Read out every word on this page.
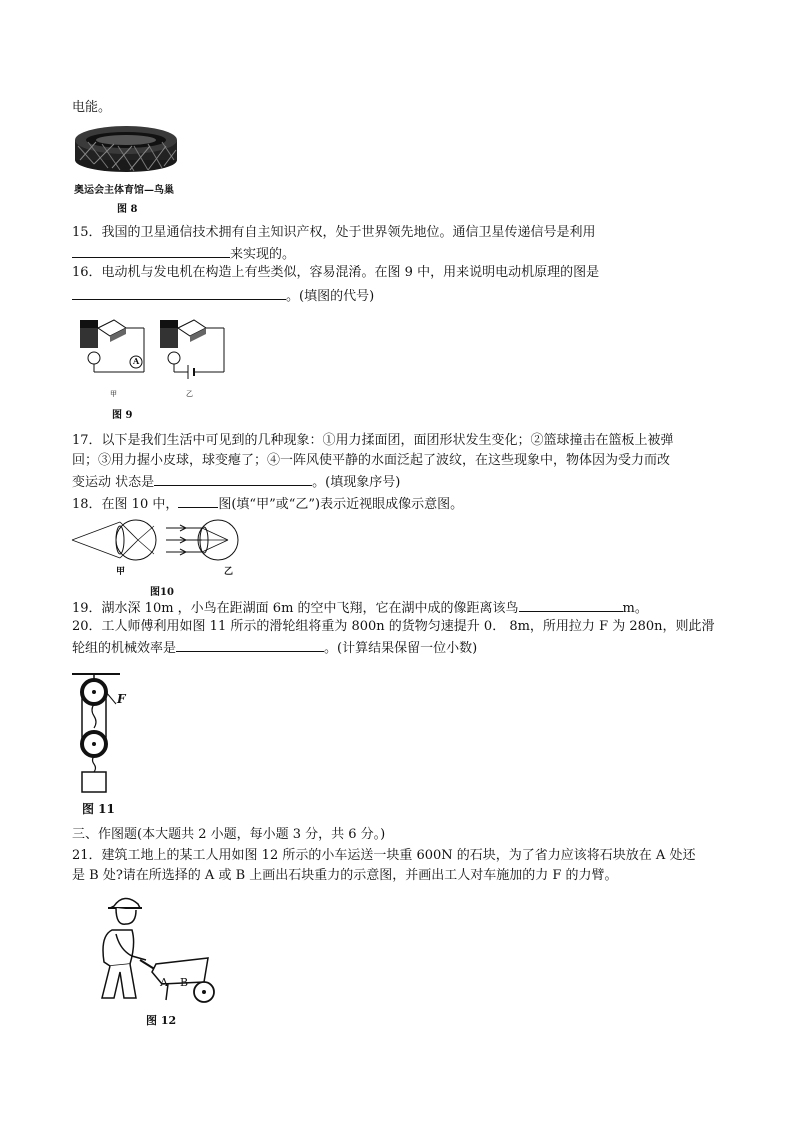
电能。
奥运会主体育馆—鸟巢
图 8
15．我国的卫星通信技术拥有自主知识产权，处于世界领先地位。通信卫星传递信号是利用
来实现的。
16．电动机与发电机在构造上有些类似，容易混淆。在图 9 中，用来说明电动机原理的图是
。(填图的代号)
A
甲	乙
图 9
17．以下是我们生活中可见到的几种现象：①用力揉面团，面团形状发生变化；②篮球撞击在篮板上被弹
回；③用力握小皮球，球变瘪了；④一阵风使平静的水面泛起了波纹，在这些现象中，物体因为受力而改
变运动 状态是	。(填现象序号)
18．在图 10 中，	图(填“甲”或“乙”)表示近视眼成像示意图。
甲	乙
图10
19．湖水深 10m ，小鸟在距湖面 6m 的空中飞翔，它在湖中成的像距离该鸟	m。
20．工人师傅利用如图 11 所示的滑轮组将重为 800n 的货物匀速提升 0． 8m，所用拉力 F 为 280n，则此滑
轮组的机械效率是	。(计算结果保留一位小数)
F
图 11
三、作图题(本大题共 2 小题，每小题 3 分，共 6 分。)
21．建筑工地上的某工人用如图 12 所示的小车运送一块重 600N 的石块，为了省力应该将石块放在 A 处还
是 B 处?请在所选择的 A 或 B 上画出石块重力的示意图，并画出工人对车施加的力 F 的力臂。
A B
图 12
